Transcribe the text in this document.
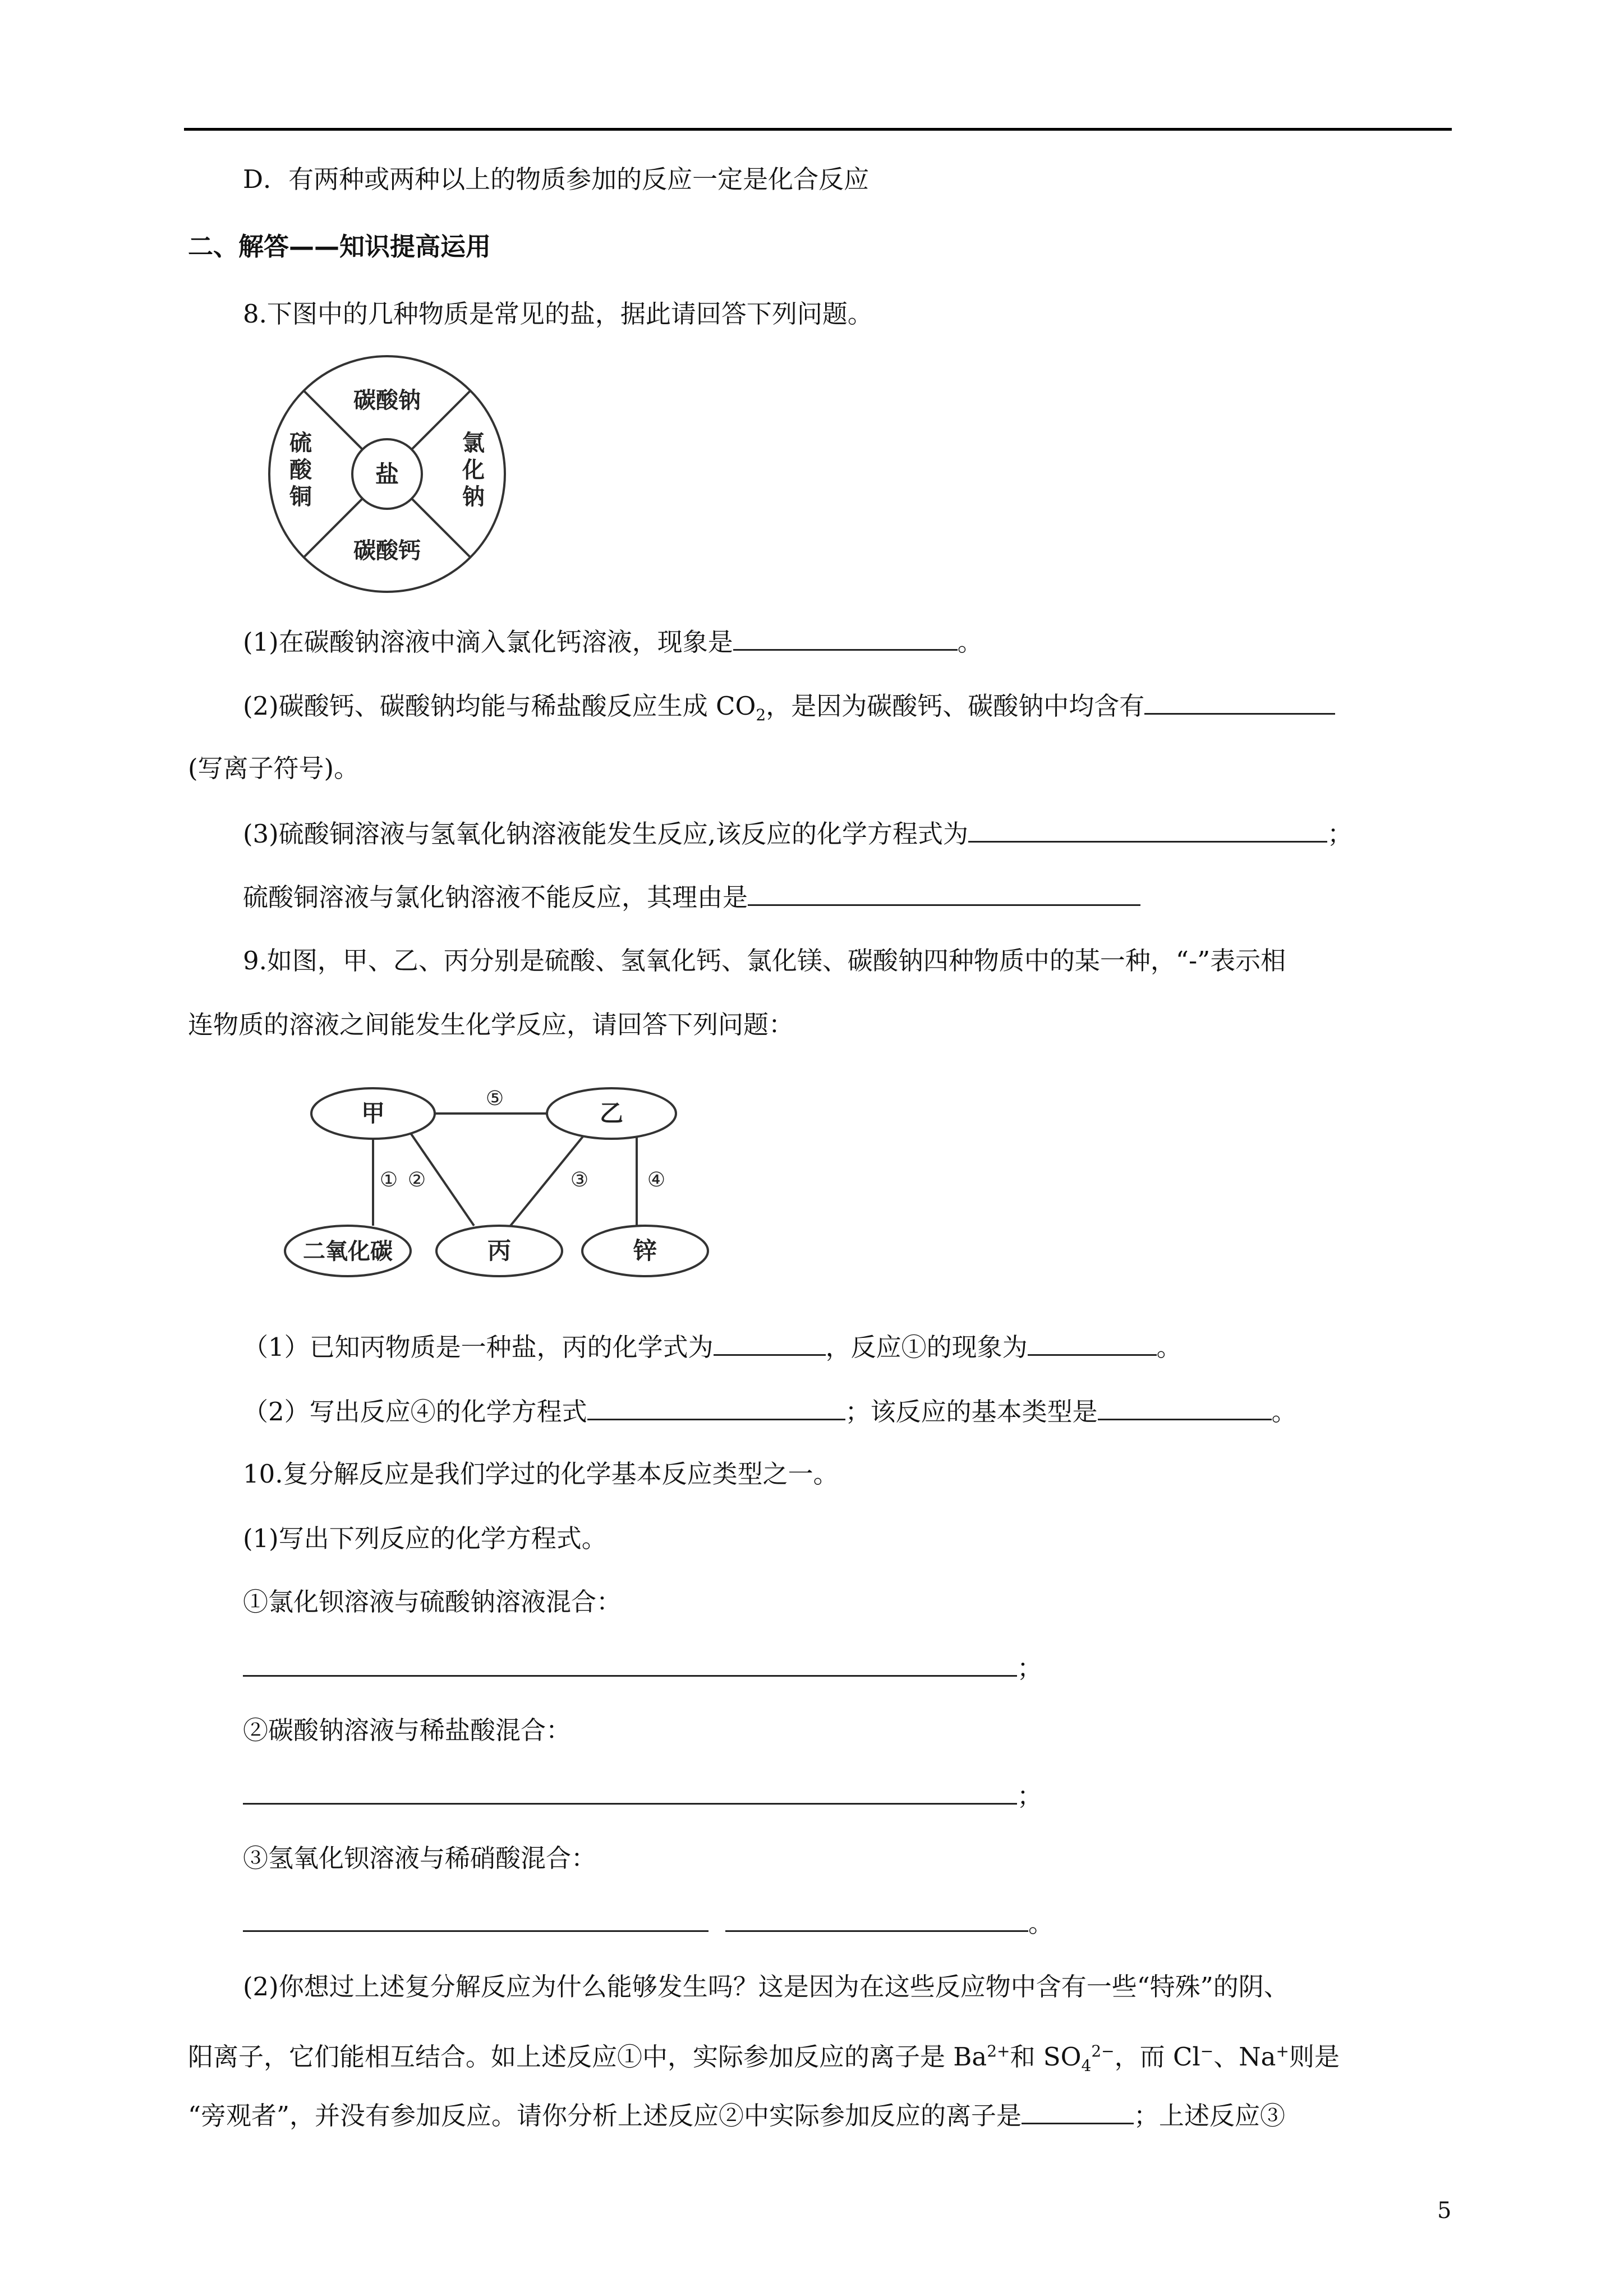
D．有两种或两种以上的物质参加的反应一定是化合反应
二、解答——知识提高运用
8.下图中的几种物质是常见的盐，据此请回答下列问题。
碳酸钠
碳酸钙
盐
硫酸铜
氯化钠
(1)在碳酸钠溶液中滴入氯化钙溶液，现象是	。
(2)碳酸钙、碳酸钠均能与稀盐酸反应生成 $CO_2$，是因为碳酸钙、碳酸钠中均含有
(写离子符号)。
(3)硫酸铜溶液与氢氧化钠溶液能发生反应,该反应的化学方程式为	；
硫酸铜溶液与氯化钠溶液不能反应，其理由是
9.如图，甲、乙、丙分别是硫酸、氢氧化钙、氯化镁、碳酸钠四种物质中的某一种，“-”表示相
连物质的溶液之间能发生化学反应，请回答下列问题：
甲	乙
二氧化碳	丙	锌
⑤
① ②	③	④
（1）已知丙物质是一种盐，丙的化学式为	，反应①的现象为	。
（2）写出反应④的化学方程式	；该反应的基本类型是	。
10.复分解反应是我们学过的化学基本反应类型之一。
(1)写出下列反应的化学方程式。
①氯化钡溶液与硫酸钠溶液混合：
；
②碳酸钠溶液与稀盐酸混合：
；
③氢氧化钡溶液与稀硝酸混合：
。
(2)你想过上述复分解反应为什么能够发生吗？这是因为在这些反应物中含有一些“特殊”的阴、
阳离子，它们能相互结合。如上述反应①中，实际参加反应的离子是 $Ba^{2+}$和 $SO_4^{2-}$，而 Cl−、Na+则是
“旁观者”，并没有参加反应。请你分析上述反应②中实际参加反应的离子是	；上述反应③
5
